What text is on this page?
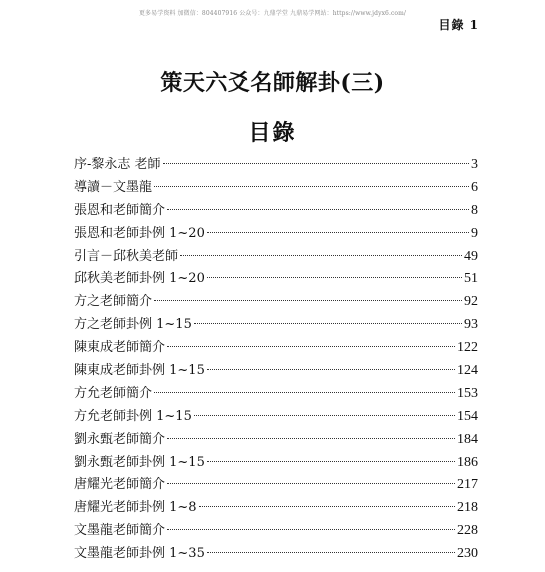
更多易学资料 加微信：804407916 公众号：九鼎学堂 九鼎易学网站：https://www.jdyx6.com/
目錄 1
策天六爻名師解卦(三)
目錄
序-黎永志 老師	3
導讀－文墨龍	6
張恩和老師簡介	8
張恩和老師卦例 1~20	9
引言－邱秋美老師	49
邱秋美老師卦例 1~20	51
方之老師簡介	92
方之老師卦例 1~15	93
陳東成老師簡介	122
陳東成老師卦例 1~15	124
方允老師簡介	153
方允老師卦例 1~15	154
劉永甄老師簡介	184
劉永甄老師卦例 1~15	186
唐耀光老師簡介	217
唐耀光老師卦例 1~8	218
文墨龍老師簡介	228
文墨龍老師卦例 1~35	230
